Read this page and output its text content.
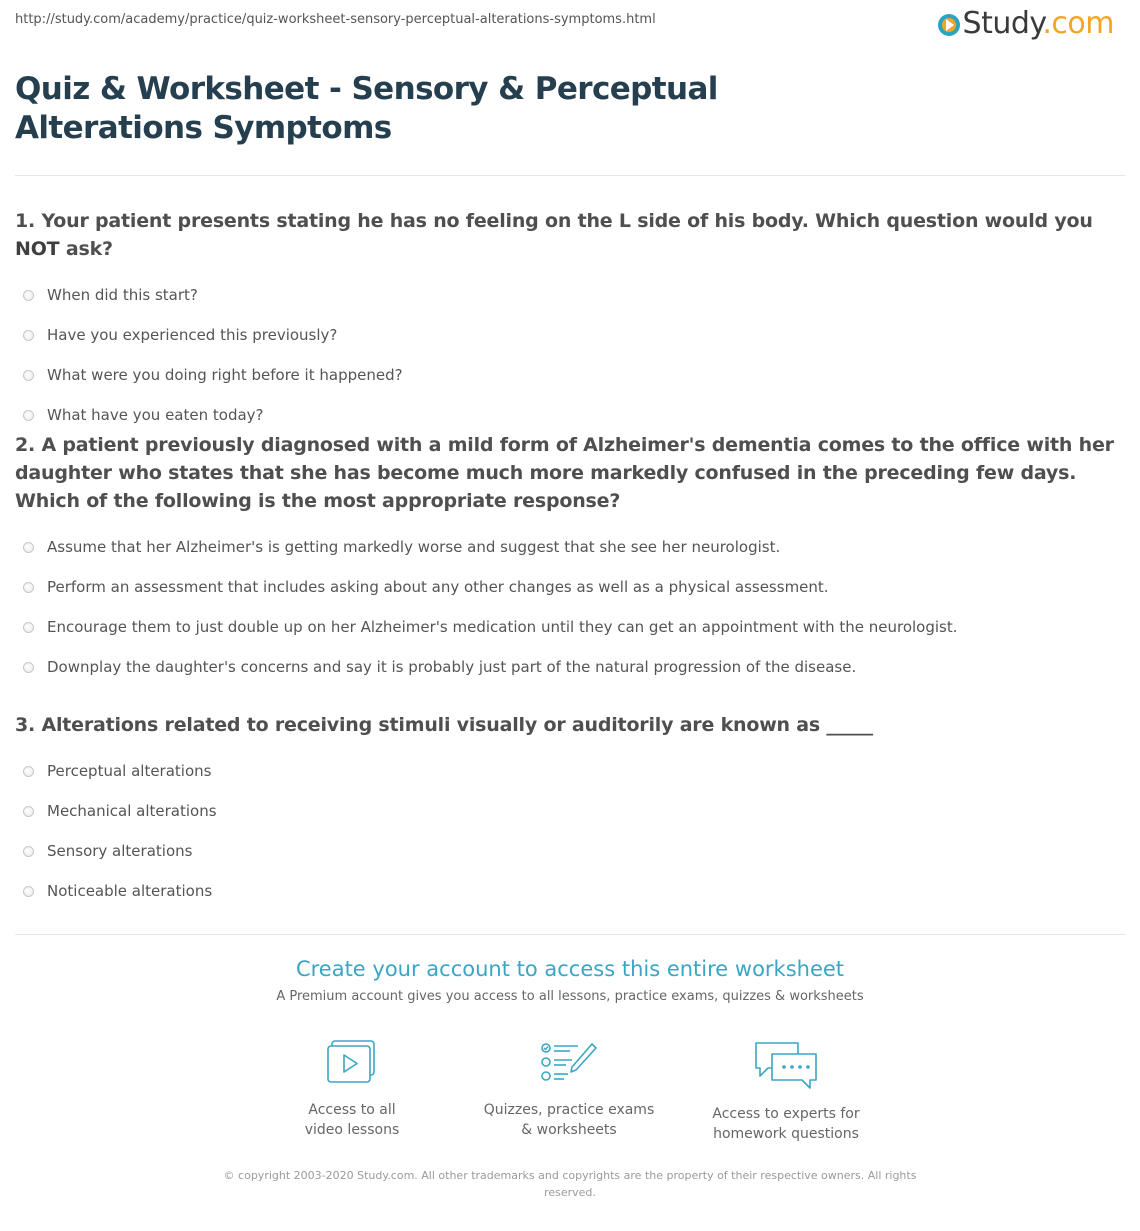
http://study.com/academy/practice/quiz-worksheet-sensory-perceptual-alterations-symptoms.html	Study.com
Quiz & Worksheet - Sensory & Perceptual Alterations Symptoms

1. Your patient presents stating he has no feeling on the L side of his body. Which question would you NOT ask?

When did this start?
Have you experienced this previously?
What were you doing right before it happened?
What have you eaten today?

2. A patient previously diagnosed with a mild form of Alzheimer's dementia comes to the office with her daughter who states that she has become much more markedly confused in the preceding few days. Which of the following is the most appropriate response?

Assume that her Alzheimer's is getting markedly worse and suggest that she see her neurologist.
Perform an assessment that includes asking about any other changes as well as a physical assessment.
Encourage them to just double up on her Alzheimer's medication until they can get an appointment with the neurologist.
Downplay the daughter's concerns and say it is probably just part of the natural progression of the disease.

3. Alterations related to receiving stimuli visually or auditorily are known as _____

Perceptual alterations
Mechanical alterations
Sensory alterations
Noticeable alterations
Create your account to access this entire worksheet
A Premium account gives you access to all lessons, practice exams, quizzes & worksheets
Access to all
video lessons
Quizzes, practice exams
& worksheets
Access to experts for
homework questions
© copyright 2003-2020 Study.com. All other trademarks and copyrights are the property of their respective owners. All rights reserved.
